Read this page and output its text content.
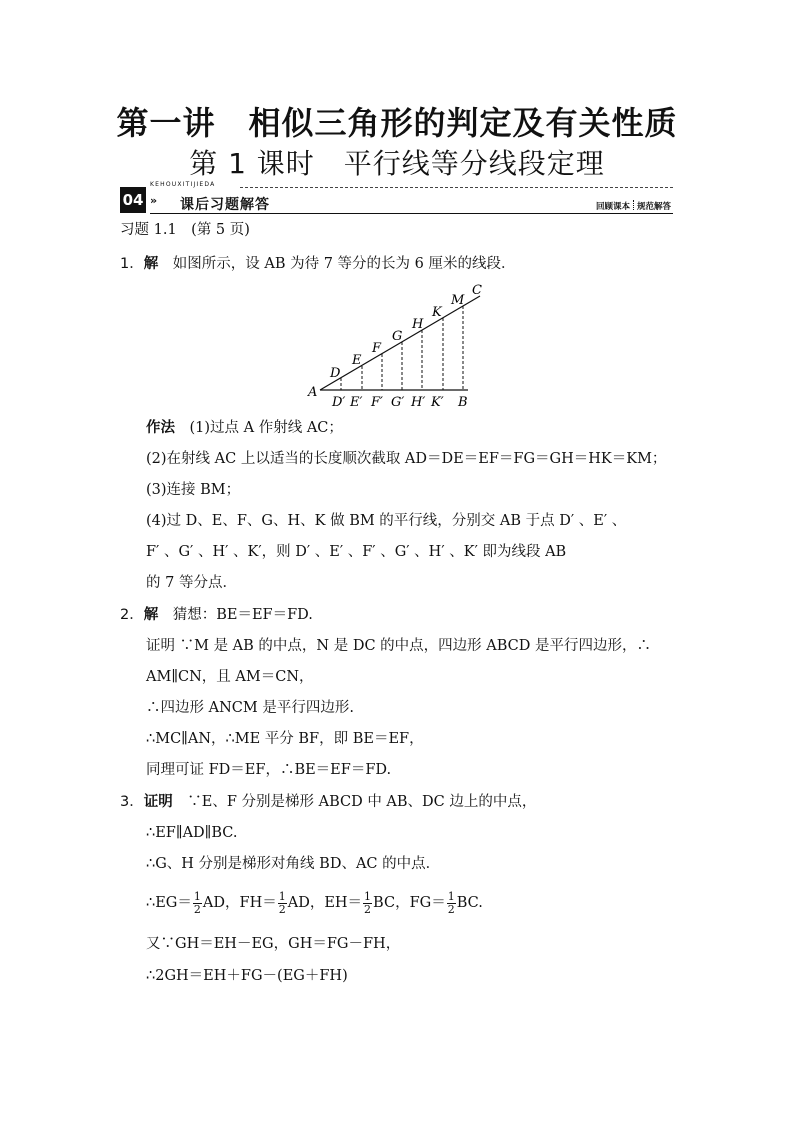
第一讲　相似三角形的判定及有关性质
第 1 课时　平行线等分线段定理
04
KEHOUXITIJIEDA
» 课后习题解答	回顾课本 规范解答
习题 1.1　(第 5 页)
1．解　 如图所示，设 AB 为待 7 等分的长为 6 厘米的线段．
A
D
E
F
G
H
K
M
C
D′ E′ F′ G′ H′ K′ B
作法　 (1)过点 A 作射线 AC；
(2)在射线 AC 上以适当的长度顺次截取 AD＝DE＝EF＝FG＝GH＝HK＝KM；
(3)连接 BM；
(4)过 D、E、F、G、H、K 做 BM 的平行线，分别交 AB 于点 D′ 、E′ 、
F′ 、G′ 、H′ 、K′，则 D′ 、E′ 、F′ 、G′ 、H′ 、K′ 即为线段 AB
的 7 等分点．
2．解　 猜想：BE＝EF＝FD.
证明 ∵M 是 AB 的中点，N 是 DC 的中点，四边形 ABCD 是平行四边形，∴
AM∥CN，且 AM＝CN，
∴四边形 ANCM 是平行四边形.
∴MC∥AN，∴ME 平分 BF，即 BE＝EF，
同理可证 FD＝EF，∴BE＝EF＝FD.
3．证明　 ∵E、F 分别是梯形 ABCD 中 AB、DC 边上的中点，
∴EF∥AD∥BC.
∴G、H 分别是梯形对角线 BD、AC 的中点．
∴EG＝ $\frac{1}{2}$ AD，$FH= \frac{1}{2}$ AD，$EH= \frac{1}{2}$ BC，$FG= \frac{1}{2}$ BC.
又∵GH＝EH－EG，GH＝FG－FH，
∴2GH＝EH＋FG－(EG＋FH)
